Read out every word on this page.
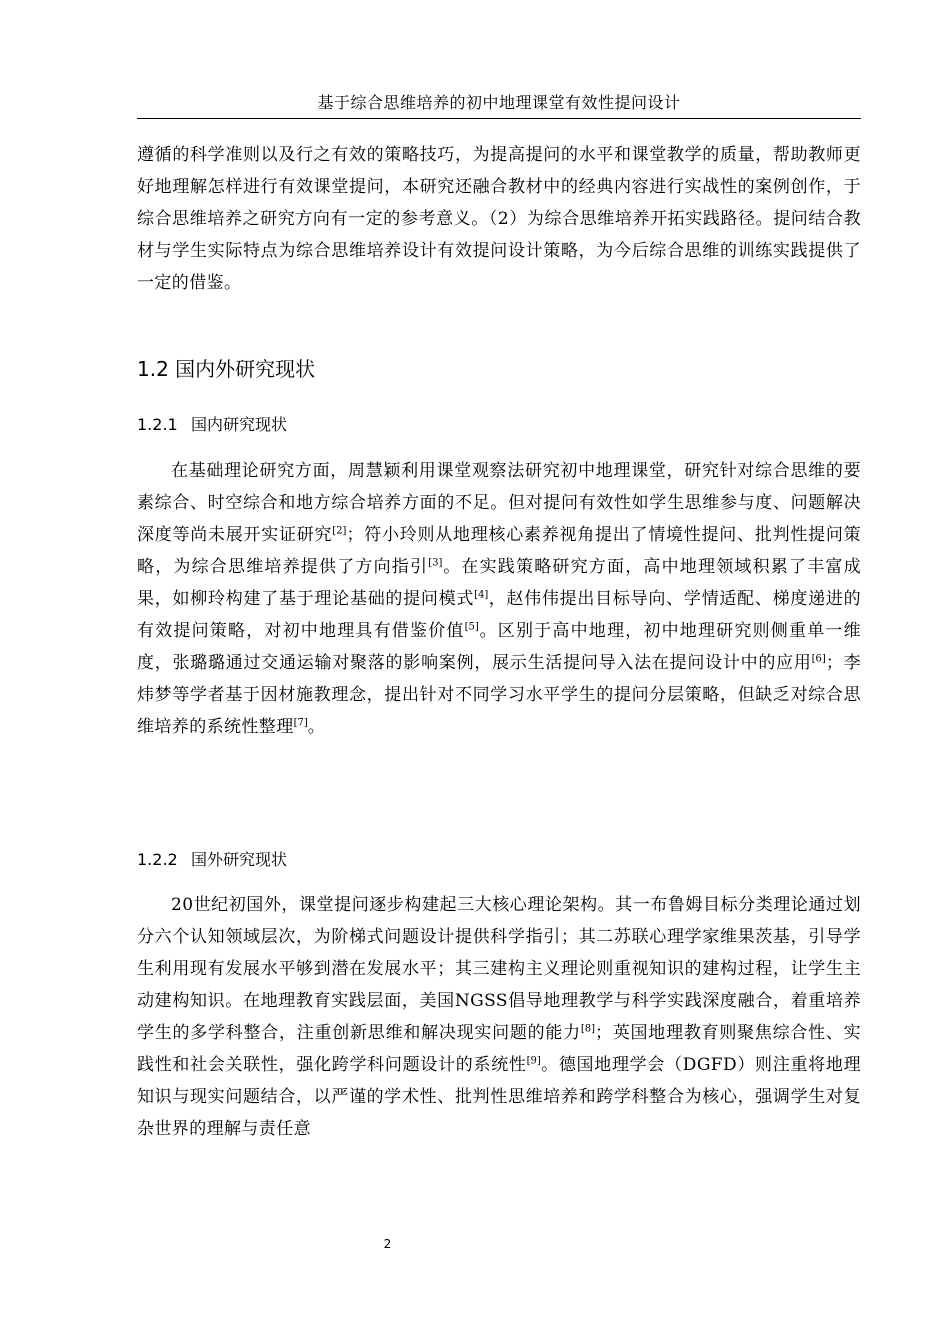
基于综合思维培养的初中地理课堂有效性提问设计

遵循的科学准则以及行之有效的策略技巧，为提高提问的水平和课堂教学的质量，帮助教师更好地理解怎样进行有效课堂提问，本研究还融合教材中的经典内容进行实战性的案例创作，于综合思维培养之研究方向有一定的参考意义。（2）为综合思维培养开拓实践路径。提问结合教材与学生实际特点为综合思维培养设计有效提问设计策略，为今后综合思维的训练实践提供了一定的借鉴。

1.2 国内外研究现状
1.2.1 国内研究现状

在基础理论研究方面，周慧颖利用课堂观察法研究初中地理课堂，研究针对综合思维的要素综合、时空综合和地方综合培养方面的不足。但对提问有效性如学生思维参与度、问题解决深度等尚未展开实证研究[2]；符小玲则从地理核心素养视角提出了情境性提问、批判性提问策略，为综合思维培养提供了方向指引[3]。在实践策略研究方面，高中地理领域积累了丰富成果，如柳玲构建了基于理论基础的提问模式[4]，赵伟伟提出目标导向、学情适配、梯度递进的有效提问策略，对初中地理具有借鉴价值[5]。区别于高中地理，初中地理研究则侧重单一维度，张璐璐通过交通运输对聚落的影响案例，展示生活提问导入法在提问设计中的应用[6]；李炜梦等学者基于因材施教理念，提出针对不同学习水平学生的提问分层策略，但缺乏对综合思维培养的系统性整理[7]。

1.2.2 国外研究现状

20世纪初国外，课堂提问逐步构建起三大核心理论架构。其一布鲁姆目标分类理论通过划分六个认知领域层次，为阶梯式问题设计提供科学指引；其二苏联心理学家维果茨基，引导学生利用现有发展水平够到潜在发展水平；其三建构主义理论则重视知识的建构过程，让学生主动建构知识。在地理教育实践层面，美国NGSS倡导地理教学与科学实践深度融合，着重培养学生的多学科整合，注重创新思维和解决现实问题的能力[8]；英国地理教育则聚焦综合性、实践性和社会关联性，强化跨学科问题设计的系统性[9]。德国地理学会（DGFD）则注重将地理知识与现实问题结合，以严谨的学术性、批判性思维培养和跨学科整合为核心，强调学生对复杂世界的理解与责任意

2
